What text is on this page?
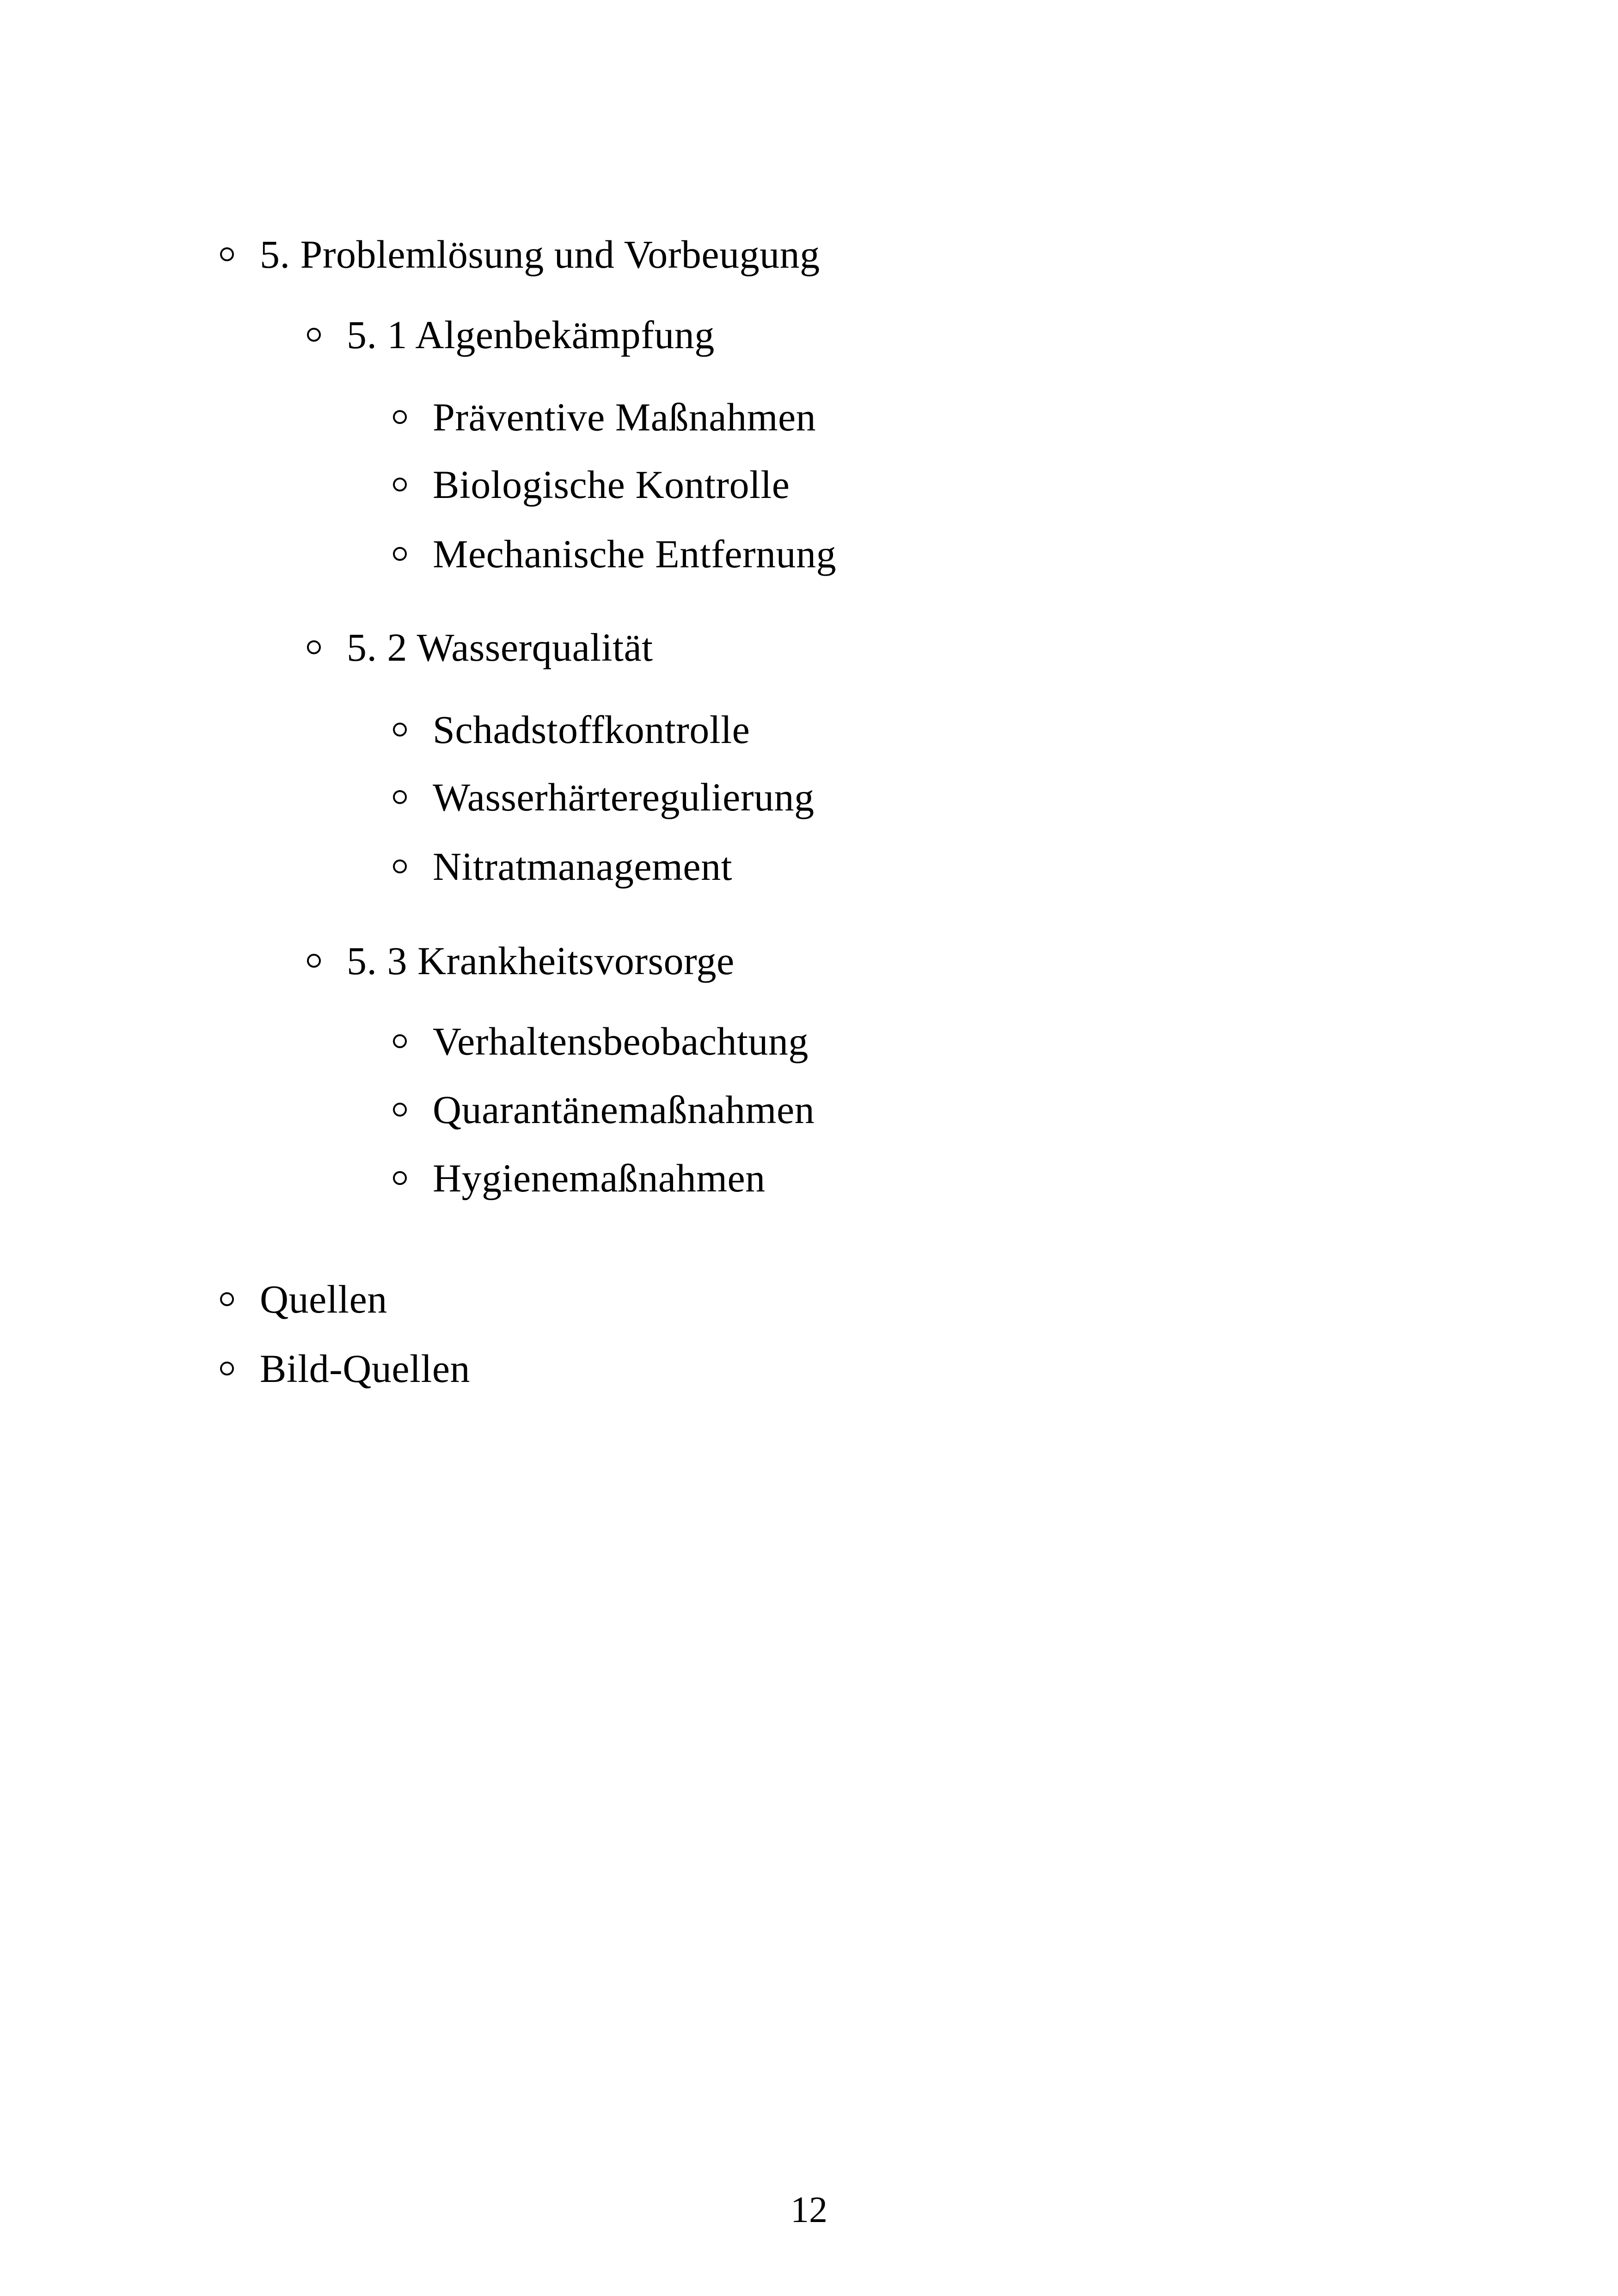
5. Problemlösung und Vorbeugung
5. 1 Algenbekämpfung
Präventive Maßnahmen
Biologische Kontrolle
Mechanische Entfernung
5. 2 Wasserqualität
Schadstoffkontrolle
Wasserhärteregulierung
Nitratmanagement
5. 3 Krankheitsvorsorge
Verhaltensbeobachtung
Quarantänemaßnahmen
Hygienemaßnahmen
Quellen
Bild-Quellen
12
